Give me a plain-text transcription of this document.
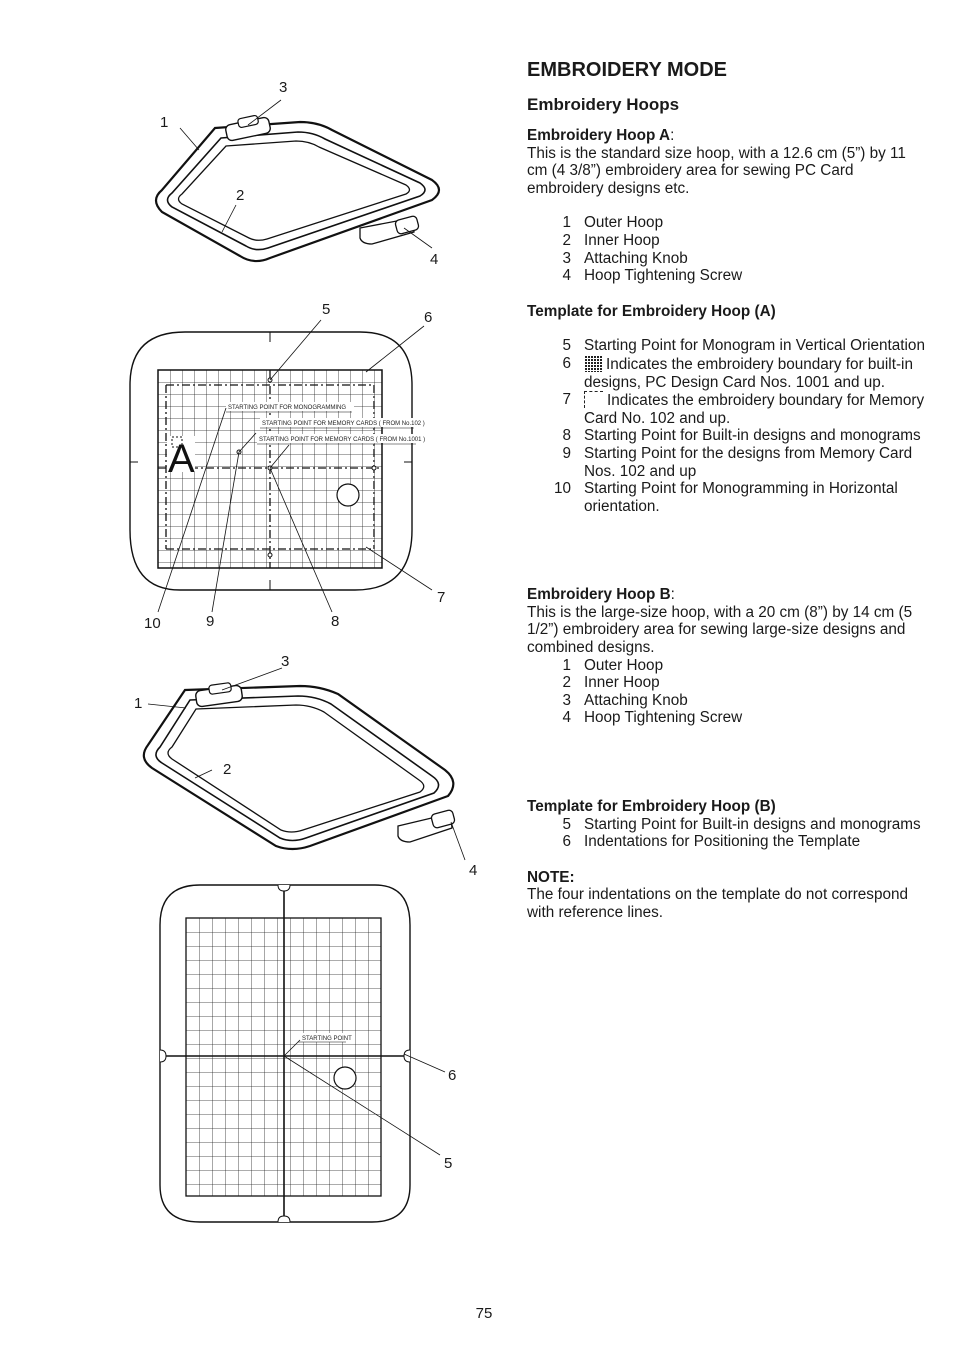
A
STARTING POINT FOR MONOGRAMMING
STARTING POINT FOR MEMORY CARDS ( FROM No.102 )
STARTING POINT FOR MEMORY CARDS ( FROM No.1001 )
STARTING POINT
1
2
3
4
5	6
7
8
9
10
1
2
3
4
6
5
EMBROIDERY MODE
Embroidery Hoops

Embroidery Hoop A:

This is the standard size hoop, with a 12.6 cm (5”) by 11 cm (4 3/8”) embroidery area for sewing PC Card embroidery designs etc.

1 Outer Hoop
2 Inner Hoop
3 Attaching Knob
4 Hoop Tightening Screw

Template for Embroidery Hoop (A)

5 Starting Point for Monogram in Vertical Orientation
6 Indicates the embroidery boundary for built-in designs, PC Design Card Nos. 1001 and up.
7 Indicates the embroidery boundary for Memory Card No. 102 and up.
8 Starting Point for Built-in designs and monograms
9 Starting Point for the designs from Memory Card Nos. 102 and up
10 Starting Point for Monogramming in Horizontal orientation.

Embroidery Hoop B:

This is the large-size hoop, with a 20 cm (8”) by 14 cm (5 1/2”) embroidery area for sewing large-size designs and combined designs.

1 Outer Hoop
2 Inner Hoop
3 Attaching Knob
4 Hoop Tightening Screw

Template for Embroidery Hoop (B)

5 Starting Point for Built-in designs and monograms
6 Indentations for Positioning the Template

NOTE:

The four indentations on the template do not correspond with reference lines.

75
